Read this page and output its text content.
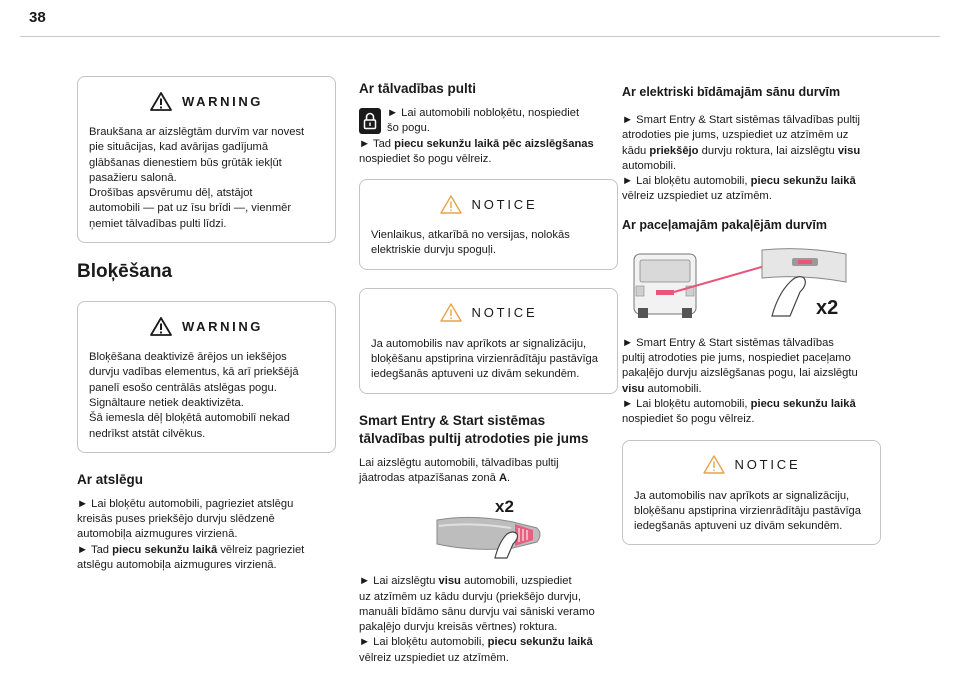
38
WARNING
Braukšana ar aizslēgtām durvīm var novest
pie situācijas, kad avārijas gadījumā
glābšanas dienestiem būs grūtāk iekļūt
pasažieru salonā.
Drošības apsvērumu dēļ, atstājot
automobili — pat uz īsu brīdi —, vienmēr
ņemiet tālvadības pulti līdzi.
Bloķēšana
WARNING
Bloķēšana deaktivizē ārējos un iekšējos
durvju vadības elementus, kā arī priekšējā
panelī esošo centrālās atslēgas pogu.
Signāltaure netiek deaktivizēta.
Šā iemesla dēļ bloķētā automobilī nekad
nedrīkst atstāt cilvēkus.
Ar atslēgu
► Lai bloķētu automobili, pagrieziet atslēgu
kreisās puses priekšējo durvju slēdzenē
automobiļa aizmugures virzienā.
► Tad piecu sekunžu laikā vēlreiz pagrieziet
atslēgu automobiļa aizmugures virzienā.
Ar tālvadības pulti
► Lai automobili nobloķētu, nospiediet
šo pogu.
► Tad piecu sekunžu laikā pēc aizslēgšanas
nospiediet šo pogu vēlreiz.
NOTICE
Vienlaikus, atkarībā no versijas, nolokās
elektriskie durvju spoguļi.
NOTICE
Ja automobilis nav aprīkots ar signalizāciju,
bloķēšanu apstiprina virzienrādītāju pastāvīga
iedegšanās aptuveni uz divām sekundēm.
Smart Entry & Start sistēmas
tālvadības pultij atrodoties pie jums
Lai aizslēgtu automobili, tālvadības pultij
jāatrodas atpazīšanas zonā A.
x2
► Lai aizslēgtu visu automobili, uzspiediet
uz atzīmēm uz kādu durvju (priekšējo durvju,
manuāli bīdāmo sānu durvju vai sāniski veramo
pakaļējo durvju kreisās vērtnes) roktura.
► Lai bloķētu automobili, piecu sekunžu laikā
vēlreiz uzspiediet uz atzīmēm.
Ar elektriski bīdāmajām sānu durvīm
► Smart Entry & Start sistēmas tālvadības pultij
atrodoties pie jums, uzspiediet uz atzīmēm uz
kādu priekšējo durvju roktura, lai aizslēgtu visu
automobili.
► Lai bloķētu automobili, piecu sekunžu laikā
vēlreiz uzspiediet uz atzīmēm.
Ar paceļamajām pakaļējām durvīm
x2
► Smart Entry & Start sistēmas tālvadības
pultij atrodoties pie jums, nospiediet paceļamo
pakaļējo durvju aizslēgšanas pogu, lai aizslēgtu
visu automobili.
► Lai bloķētu automobili, piecu sekunžu laikā
nospiediet šo pogu vēlreiz.
NOTICE
Ja automobilis nav aprīkots ar signalizāciju,
bloķēšanu apstiprina virzienrādītāju pastāvīga
iedegšanās aptuveni uz divām sekundēm.
